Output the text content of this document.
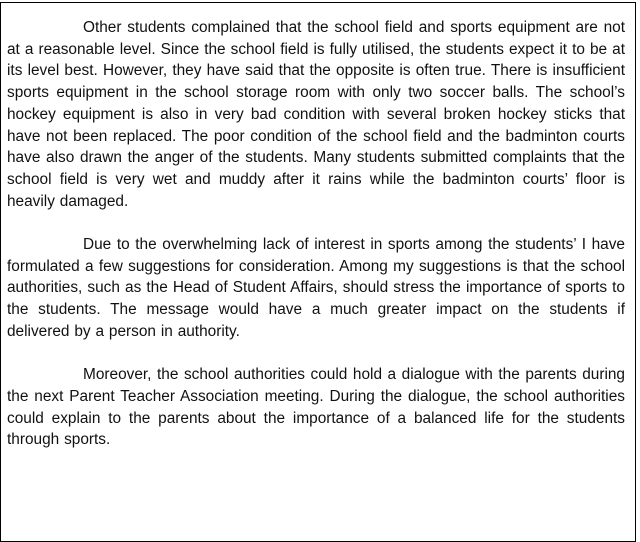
Other students complained that the school field and sports equipment are not at a reasonable level. Since the school field is fully utilised, the students expect it to be at its level best. However, they have said that the opposite is often true. There is insufficient sports equipment in the school storage room with only two soccer balls. The school’s hockey equipment is also in very bad condition with several broken hockey sticks that have not been replaced. The poor condition of the school field and the badminton courts have also drawn the anger of the students. Many students submitted complaints that the school field is very wet and muddy after it rains while the badminton courts’ floor is heavily damaged.

Due to the overwhelming lack of interest in sports among the students’ I have formulated a few suggestions for consideration. Among my suggestions is that the school authorities, such as the Head of Student Affairs, should stress the importance of sports to the students. The message would have a much greater impact on the students if delivered by a person in authority.

Moreover, the school authorities could hold a dialogue with the parents during the next Parent Teacher Association meeting. During the dialogue, the school authorities could explain to the parents about the importance of a balanced life for the students through sports.
